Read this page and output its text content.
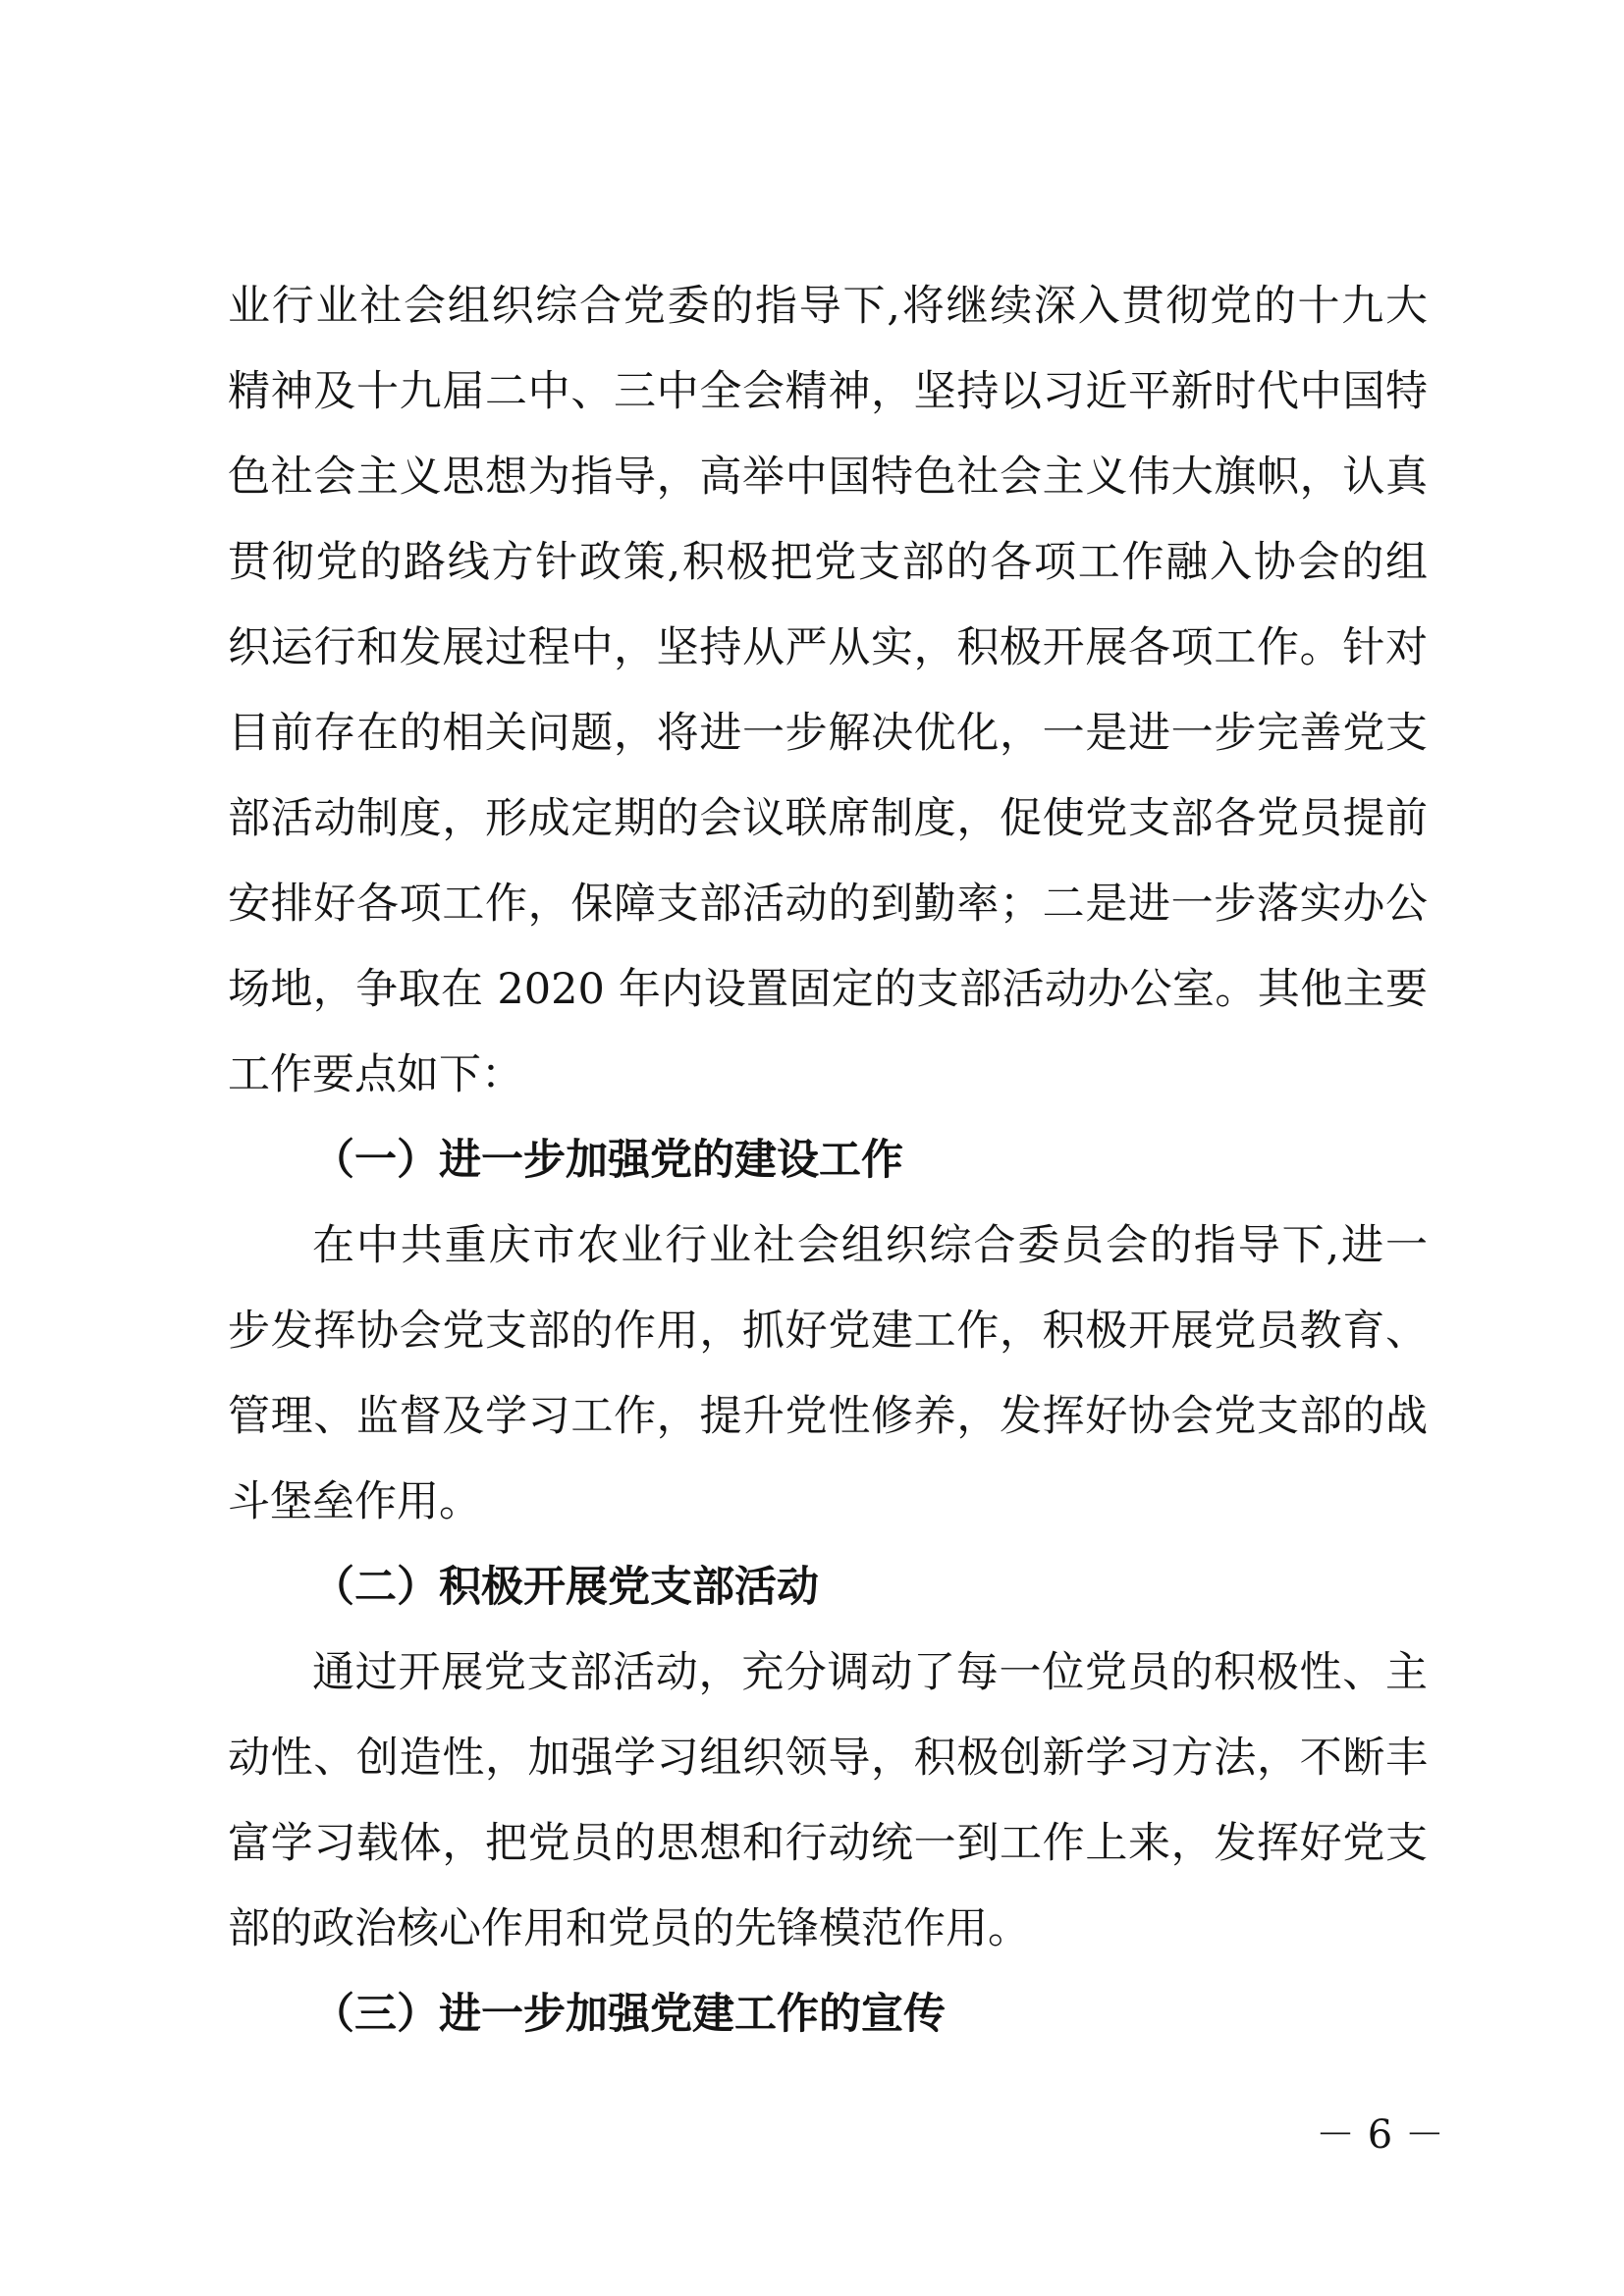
业行业社会组织综合党委的指导下,将继续深入贯彻党的十九大
精神及十九届二中、三中全会精神，坚持以习近平新时代中国特
色社会主义思想为指导，高举中国特色社会主义伟大旗帜，认真
贯彻党的路线方针政策,积极把党支部的各项工作融入协会的组
织运行和发展过程中，坚持从严从实，积极开展各项工作。针对
目前存在的相关问题，将进一步解决优化，一是进一步完善党支
部活动制度，形成定期的会议联席制度，促使党支部各党员提前
安排好各项工作，保障支部活动的到勤率；二是进一步落实办公
场地，争取在 2020 年内设置固定的支部活动办公室。其他主要
工作要点如下：
（一）进一步加强党的建设工作
在中共重庆市农业行业社会组织综合委员会的指导下,进一
步发挥协会党支部的作用，抓好党建工作，积极开展党员教育、
管理、监督及学习工作，提升党性修养，发挥好协会党支部的战
斗堡垒作用。
（二）积极开展党支部活动
通过开展党支部活动，充分调动了每一位党员的积极性、主
动性、创造性，加强学习组织领导，积极创新学习方法，不断丰
富学习载体，把党员的思想和行动统一到工作上来，发挥好党支
部的政治核心作用和党员的先锋模范作用。
（三）进一步加强党建工作的宣传
－ 6 －
